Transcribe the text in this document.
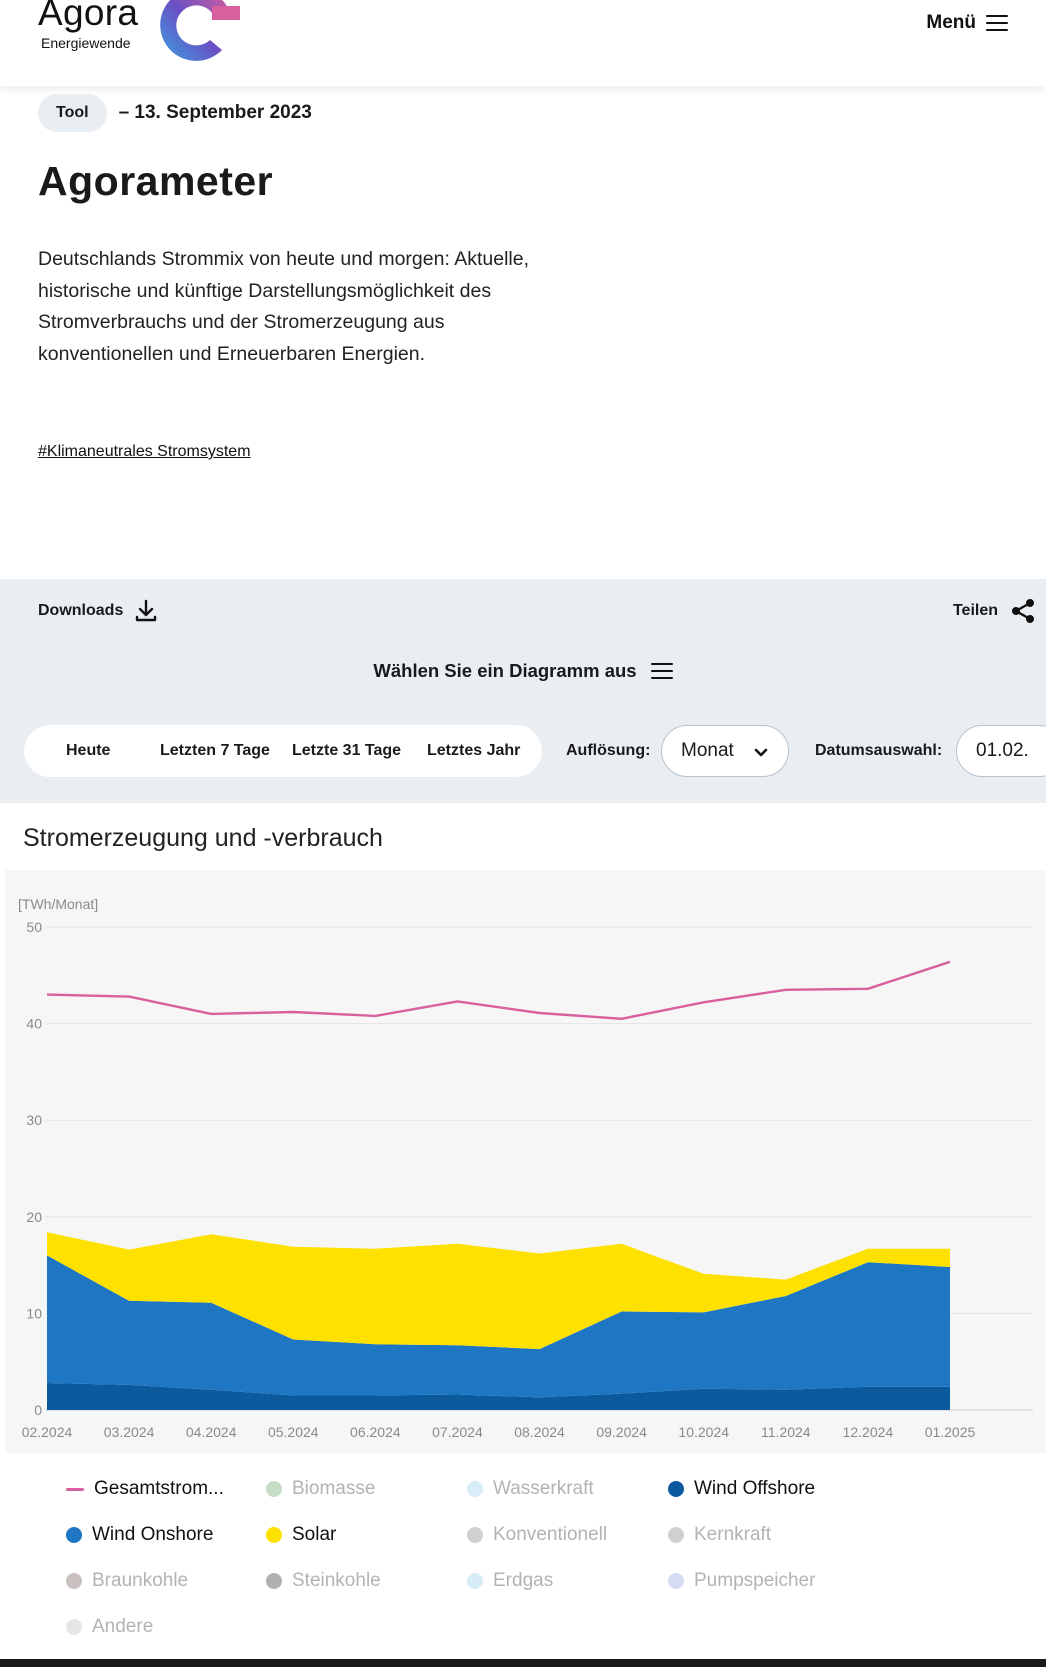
Agora
Energiewende
Menü
Tool	– 13. September 2023
Agorameter

Deutschlands Strommix von heute und morgen: Aktuelle, historische und künftige Darstellungsmöglichkeit des Stromverbrauchs und der Stromerzeugung aus konventionellen und Erneuerbaren Energien.

#Klimaneutrales Stromsystem
Downloads	Teilen
Wählen Sie ein Diagramm aus
Heute	Letzten 7 Tage Letzte 31 Tage Letztes Jahr	Auflösung: Monat	Datumsauswahl: 01.02.
Stromerzeugung und -verbrauch
0
10
20
30
40
50
[TWh/Monat]
02.2024 03.2024 04.2024 05.2024 06.2024 07.2024 08.2024 09.2024 10.2024 11.2024 12.2024 01.2025
Gesamtstrom...	Biomasse	Wasserkraft	Wind Offshore
Wind Onshore	Solar	Konventionell	Kernkraft
Braunkohle	Steinkohle	Erdgas	Pumpspeicher
Andere
